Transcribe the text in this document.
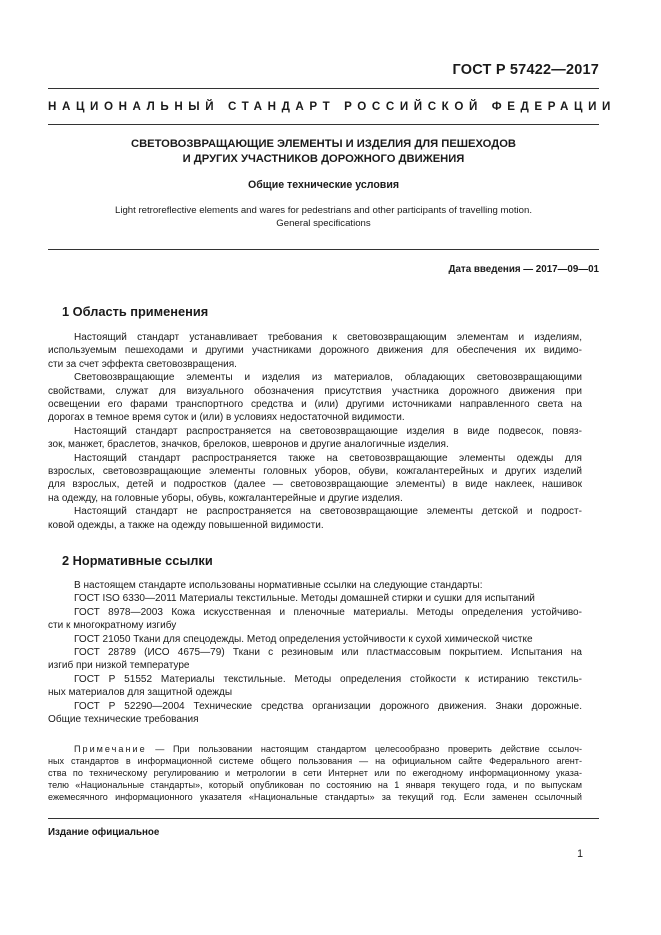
ГОСТ Р 57422—2017
НАЦИОНАЛЬНЫЙ СТАНДАРТ РОССИЙСКОЙ ФЕДЕРАЦИИ
СВЕТОВОЗВРАЩАЮЩИЕ ЭЛЕМЕНТЫ И ИЗДЕЛИЯ ДЛЯ ПЕШЕХОДОВ
И ДРУГИХ УЧАСТНИКОВ ДОРОЖНОГО ДВИЖЕНИЯ
Общие технические условия
Light retroreflective elements and wares for pedestrians and other participants of travelling motion.
General specifications
Дата введения — 2017—09—01
1 Область применения
Настоящий стандарт устанавливает требования к световозвращающим элементам и изделиям,
используемым пешеходами и другими участниками дорожного движения для обеспечения их видимо-
сти за счет эффекта световозвращения.
Световозвращающие элементы и изделия из материалов, обладающих световозвращающими
свойствами, служат для визуального обозначения присутствия участника дорожного движения при
освещении его фарами транспортного средства и (или) другими источниками направленного света на
дорогах в темное время суток и (или) в условиях недостаточной видимости.
Настоящий стандарт распространяется на световозвращающие изделия в виде подвесок, повяз-
зок, манжет, браслетов, значков, брелоков, шевронов и другие аналогичные изделия.
Настоящий стандарт распространяется также на световозвращающие элементы одежды для
взрослых, световозвращающие элементы головных уборов, обуви, кожгалантерейных и других изделий
для взрослых, детей и подростков (далее — световозвращающие элементы) в виде наклеек, нашивок
на одежду, на головные уборы, обувь, кожгалантерейные и другие изделия.
Настоящий стандарт не распространяется на световозвращающие элементы детской и подрост-
ковой одежды, а также на одежду повышенной видимости.
2 Нормативные ссылки
В настоящем стандарте использованы нормативные ссылки на следующие стандарты:
ГОСТ ISO 6330—2011 Материалы текстильные. Методы домашней стирки и сушки для испытаний
ГОСТ 8978—2003 Кожа искусственная и пленочные материалы. Методы определения устойчиво-
сти к многократному изгибу
ГОСТ 21050 Ткани для спецодежды. Метод определения устойчивости к сухой химической чистке
ГОСТ 28789 (ИСО 4675—79) Ткани с резиновым или пластмассовым покрытием. Испытания на
изгиб при низкой температуре
ГОСТ Р 51552 Материалы текстильные. Методы определения стойкости к истиранию текстиль-
ных материалов для защитной одежды
ГОСТ Р 52290—2004 Технические средства организации дорожного движения. Знаки дорожные.
Общие технические требования
Примечание — При пользовании настоящим стандартом целесообразно проверить действие ссылоч-
ных стандартов в информационной системе общего пользования — на официальном сайте Федерального агент-
ства по техническому регулированию и метрологии в сети Интернет или по ежегодному информационному указа-
телю «Национальные стандарты», который опубликован по состоянию на 1 января текущего года, и по выпускам
ежемесячного информационного указателя «Национальные стандарты» за текущий год. Если заменен ссылочный
Издание официальное
1
